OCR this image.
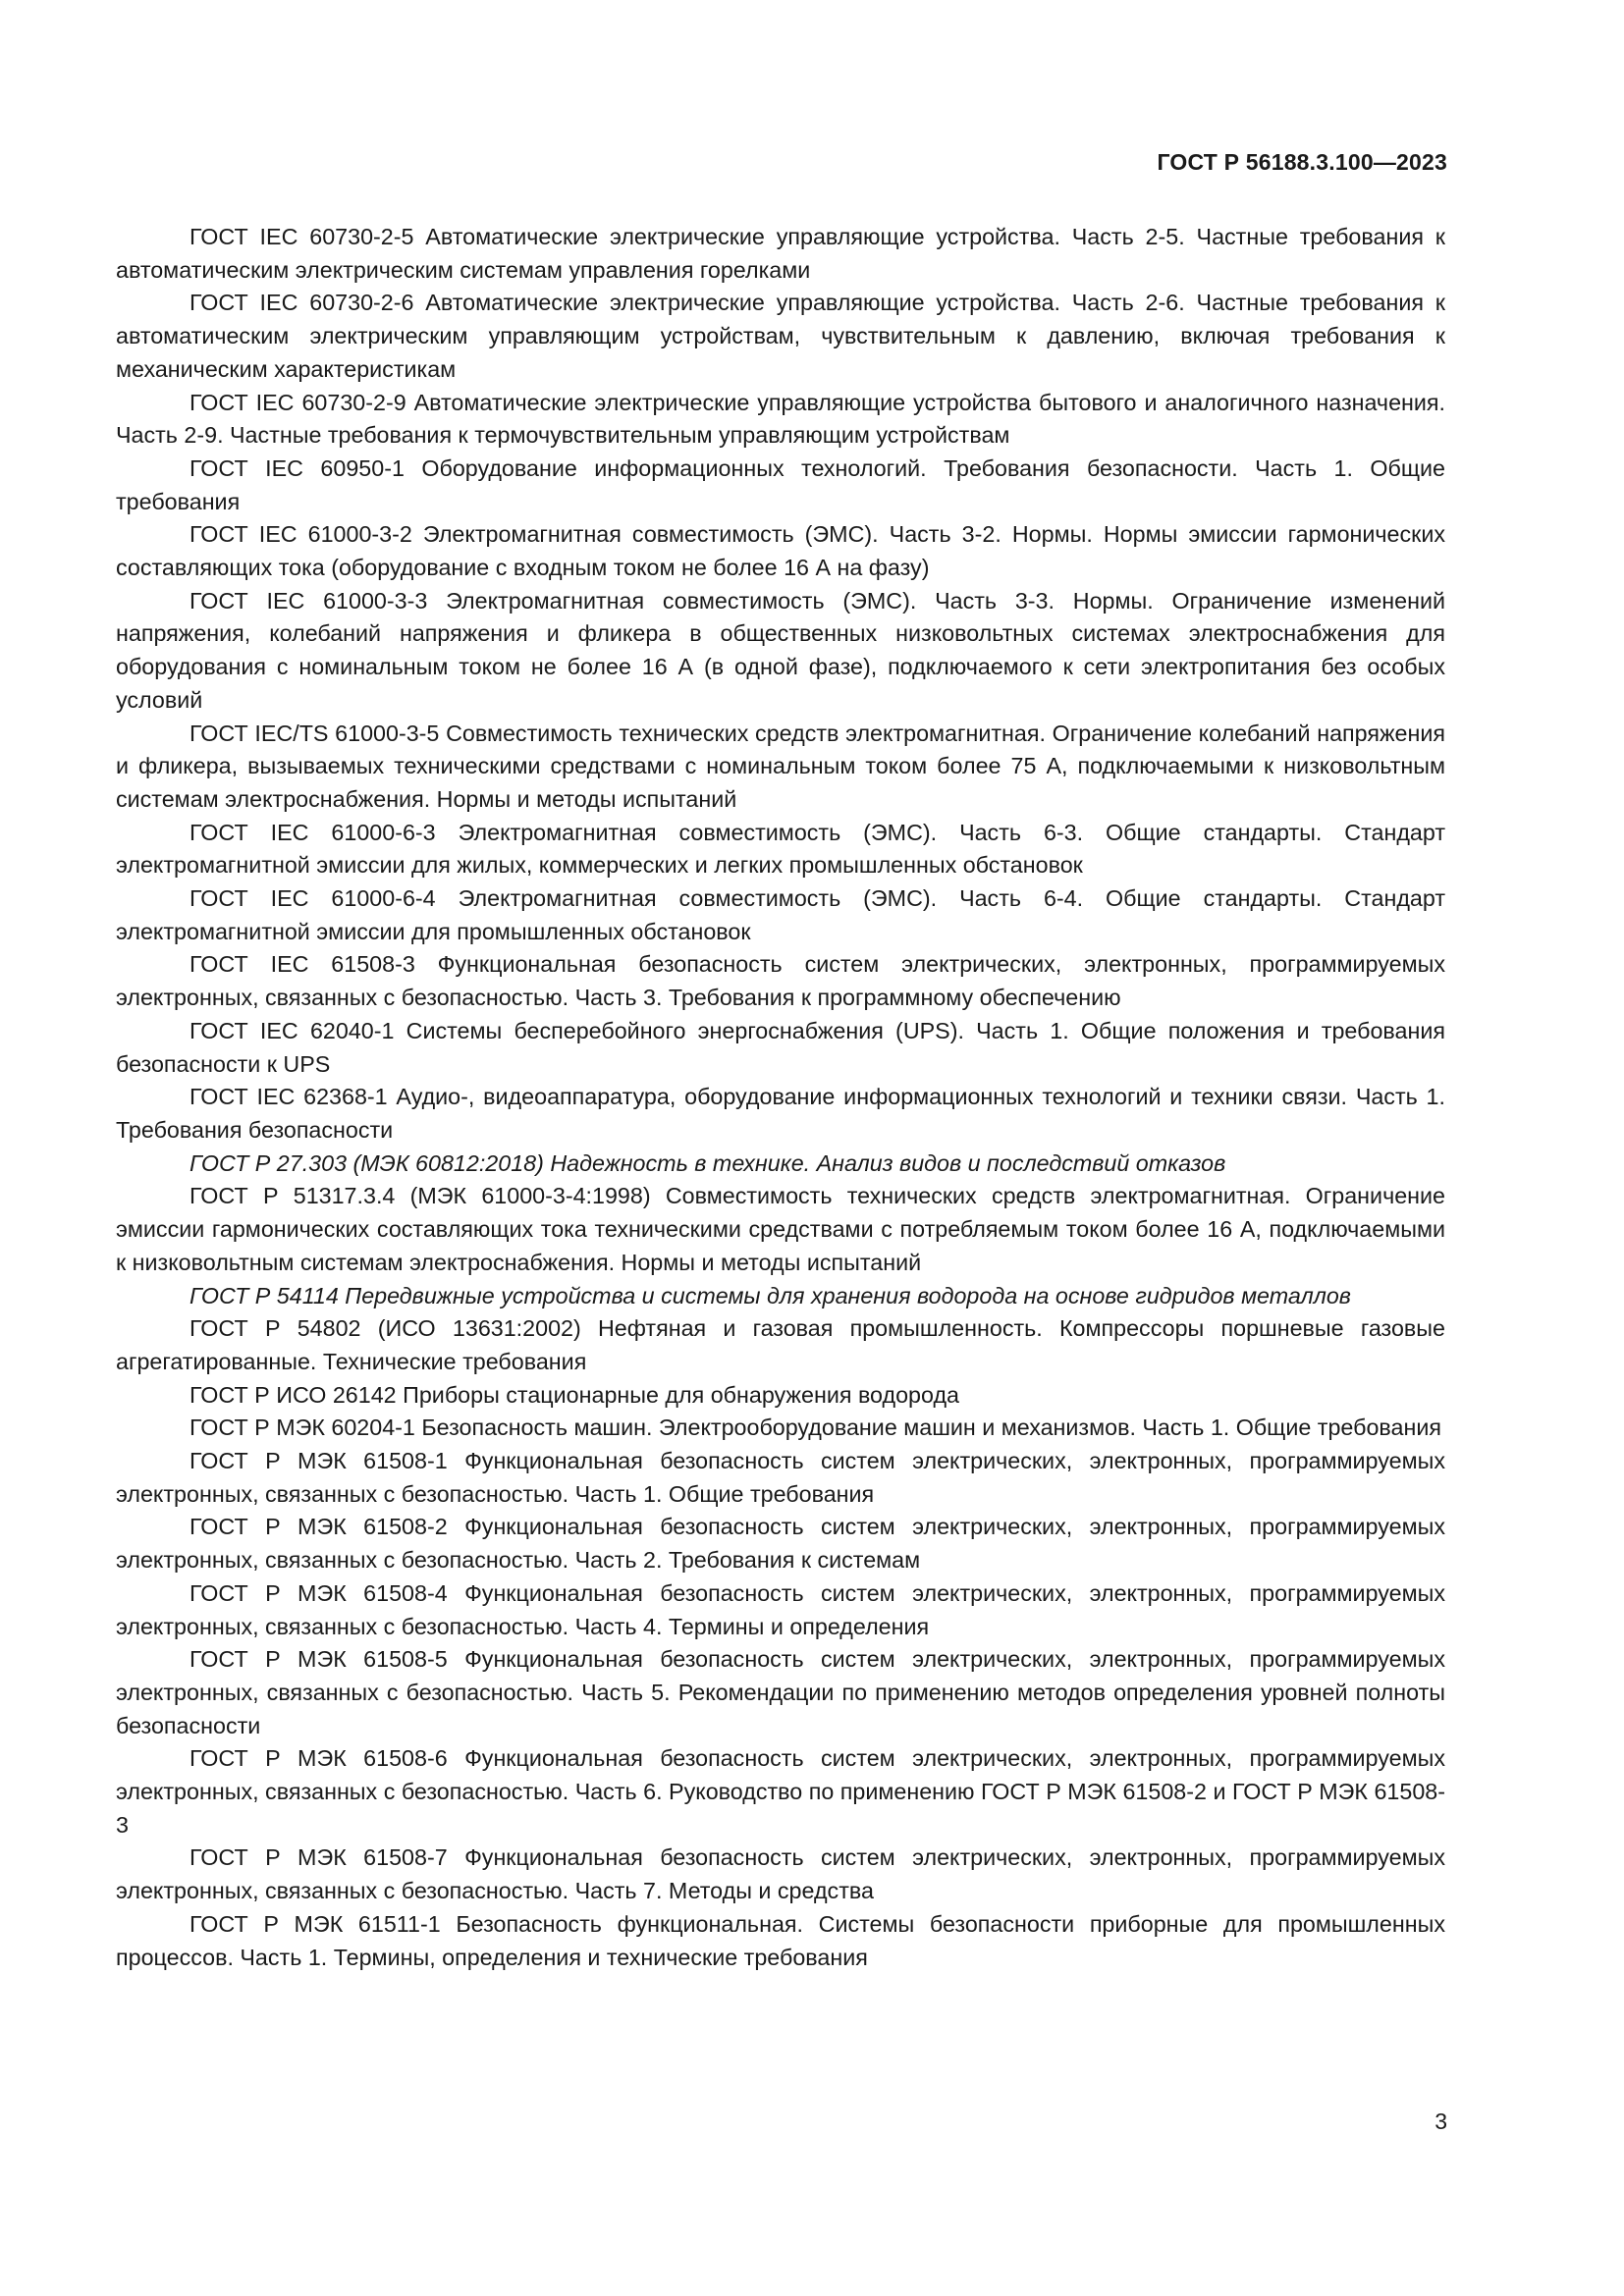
ГОСТ Р 56188.3.100—2023

ГОСТ IEC 60730-2-5 Автоматические электрические управляющие устройства. Часть 2-5. Частные требования к автоматическим электрическим системам управления горелками

ГОСТ IEC 60730-2-6 Автоматические электрические управляющие устройства. Часть 2-6. Частные требования к автоматическим электрическим управляющим устройствам, чувствительным к давлению, включая требования к механическим характеристикам

ГОСТ IEC 60730-2-9 Автоматические электрические управляющие устройства бытового и аналогичного назначения. Часть 2-9. Частные требования к термочувствительным управляющим устройствам

ГОСТ IEC 60950-1 Оборудование информационных технологий. Требования безопасности. Часть 1. Общие требования

ГОСТ IEC 61000-3-2 Электромагнитная совместимость (ЭМС). Часть 3-2. Нормы. Нормы эмиссии гармонических составляющих тока (оборудование с входным током не более 16 А на фазу)

ГОСТ IEC 61000-3-3 Электромагнитная совместимость (ЭМС). Часть 3-3. Нормы. Ограничение изменений напряжения, колебаний напряжения и фликера в общественных низковольтных системах электроснабжения для оборудования с номинальным током не более 16 А (в одной фазе), подключаемого к сети электропитания без особых условий

ГОСТ IEC/TS 61000-3-5 Совместимость технических средств электромагнитная. Ограничение колебаний напряжения и фликера, вызываемых техническими средствами с номинальным током более 75 А, подключаемыми к низковольтным системам электроснабжения. Нормы и методы испытаний

ГОСТ IEC 61000-6-3 Электромагнитная совместимость (ЭМС). Часть 6-3. Общие стандарты. Стандарт электромагнитной эмиссии для жилых, коммерческих и легких промышленных обстановок

ГОСТ IEC 61000-6-4 Электромагнитная совместимость (ЭМС). Часть 6-4. Общие стандарты. Стандарт электромагнитной эмиссии для промышленных обстановок

ГОСТ IEC 61508-3 Функциональная безопасность систем электрических, электронных, программируемых электронных, связанных с безопасностью. Часть 3. Требования к программному обеспечению

ГОСТ IEC 62040-1 Системы бесперебойного энергоснабжения (UPS). Часть 1. Общие положения и требования безопасности к UPS

ГОСТ IEC 62368-1 Аудио-, видеоаппаратура, оборудование информационных технологий и техники связи. Часть 1. Требования безопасности

ГОСТ Р 27.303 (МЭК 60812:2018) Надежность в технике. Анализ видов и последствий отказов

ГОСТ Р 51317.3.4 (МЭК 61000-3-4:1998) Совместимость технических средств электромагнитная. Ограничение эмиссии гармонических составляющих тока техническими средствами с потребляемым током более 16 А, подключаемыми к низковольтным системам электроснабжения. Нормы и методы испытаний

ГОСТ Р 54114 Передвижные устройства и системы для хранения водорода на основе гидридов металлов

ГОСТ Р 54802 (ИСО 13631:2002) Нефтяная и газовая промышленность. Компрессоры поршневые газовые агрегатированные. Технические требования

ГОСТ Р ИСО 26142 Приборы стационарные для обнаружения водорода

ГОСТ Р МЭК 60204-1 Безопасность машин. Электрооборудование машин и механизмов. Часть 1. Общие требования

ГОСТ Р МЭК 61508-1 Функциональная безопасность систем электрических, электронных, программируемых электронных, связанных с безопасностью. Часть 1. Общие требования

ГОСТ Р МЭК 61508-2 Функциональная безопасность систем электрических, электронных, программируемых электронных, связанных с безопасностью. Часть 2. Требования к системам

ГОСТ Р МЭК 61508-4 Функциональная безопасность систем электрических, электронных, программируемых электронных, связанных с безопасностью. Часть 4. Термины и определения

ГОСТ Р МЭК 61508-5 Функциональная безопасность систем электрических, электронных, программируемых электронных, связанных с безопасностью. Часть 5. Рекомендации по применению методов определения уровней полноты безопасности

ГОСТ Р МЭК 61508-6 Функциональная безопасность систем электрических, электронных, программируемых электронных, связанных с безопасностью. Часть 6. Руководство по применению ГОСТ Р МЭК 61508-2 и ГОСТ Р МЭК 61508-3

ГОСТ Р МЭК 61508-7 Функциональная безопасность систем электрических, электронных, программируемых электронных, связанных с безопасностью. Часть 7. Методы и средства

ГОСТ Р МЭК 61511-1 Безопасность функциональная. Системы безопасности приборные для промышленных процессов. Часть 1. Термины, определения и технические требования

3
